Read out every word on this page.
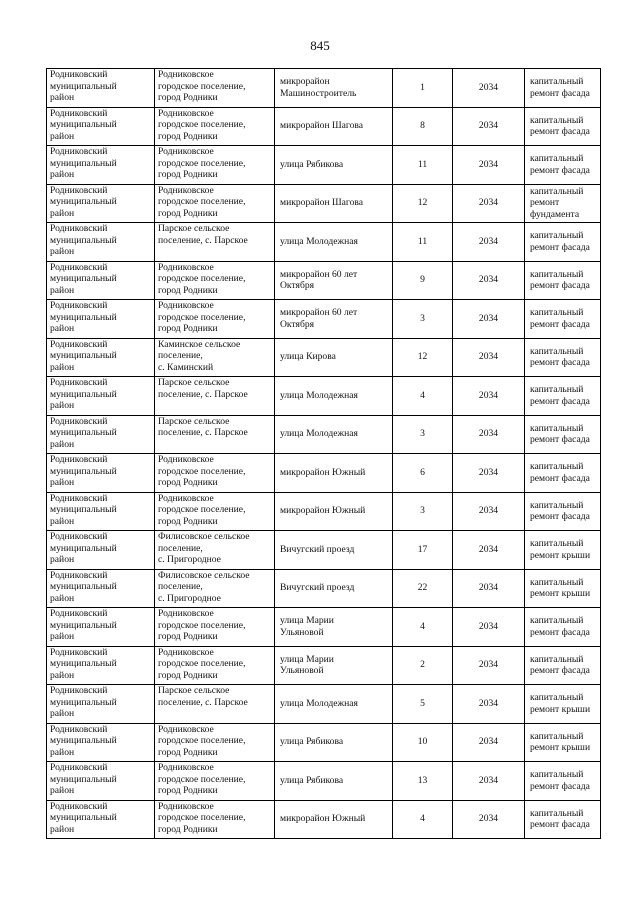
845
Родниковский
муниципальный
район	Родниковское
городское поселение,
город Родники	микрорайон
Машиностроитель	1	2034	капитальный
ремонт фасада

Родниковский
муниципальный
район	Родниковское
городское поселение,
город Родники	микрорайон Шагова	8	2034	капитальный
ремонт фасада

Родниковский
муниципальный
район	Родниковское
городское поселение,
город Родники	улица Рябикова	11	2034	капитальный
ремонт фасада

Родниковский
муниципальный
район	Родниковское
городское поселение,
город Родники	микрорайон Шагова	12	2034	капитальный
ремонт
фундамента

Родниковский
муниципальный
район	Парское сельское
поселение, с. Парское	улица Молодежная	11	2034	капитальный
ремонт фасада

Родниковский
муниципальный
район	Родниковское
городское поселение,
город Родники	микрорайон 60 лет
Октября	9	2034	капитальный
ремонт фасада

Родниковский
муниципальный
район	Родниковское
городское поселение,
город Родники	микрорайон 60 лет
Октября	3	2034	капитальный
ремонт фасада

Родниковский
муниципальный
район	Каминское сельское
поселение,
с. Каминский	улица Кирова	12	2034	капитальный
ремонт фасада

Родниковский
муниципальный
район	Парское сельское
поселение, с. Парское	улица Молодежная	4	2034	капитальный
ремонт фасада

Родниковский
муниципальный
район	Парское сельское
поселение, с. Парское	улица Молодежная	3	2034	капитальный
ремонт фасада

Родниковский
муниципальный
район	Родниковское
городское поселение,
город Родники	микрорайон Южный	6	2034	капитальный
ремонт фасада

Родниковский
муниципальный
район	Родниковское
городское поселение,
город Родники	микрорайон Южный	3	2034	капитальный
ремонт фасада

Родниковский
муниципальный
район	Филисовское сельское
поселение,
с. Пригородное	Вичугский проезд	17	2034	капитальный
ремонт крыши

Родниковский
муниципальный
район	Филисовское сельское
поселение,
с. Пригородное	Вичугский проезд	22	2034	капитальный
ремонт крыши

Родниковский
муниципальный
район	Родниковское
городское поселение,
город Родники	улица Марии
Ульяновой	4	2034	капитальный
ремонт фасада

Родниковский
муниципальный
район	Родниковское
городское поселение,
город Родники	улица Марии
Ульяновой	2	2034	капитальный
ремонт фасада

Родниковский
муниципальный
район	Парское сельское
поселение, с. Парское	улица Молодежная	5	2034	капитальный
ремонт крыши

Родниковский
муниципальный
район	Родниковское
городское поселение,
город Родники	улица Рябикова	10	2034	капитальный
ремонт крыши

Родниковский
муниципальный
район	Родниковское
городское поселение,
город Родники	улица Рябикова	13	2034	капитальный
ремонт фасада

Родниковский
муниципальный
район	Родниковское
городское поселение,
город Родники	микрорайон Южный	4	2034	капитальный
ремонт фасада
